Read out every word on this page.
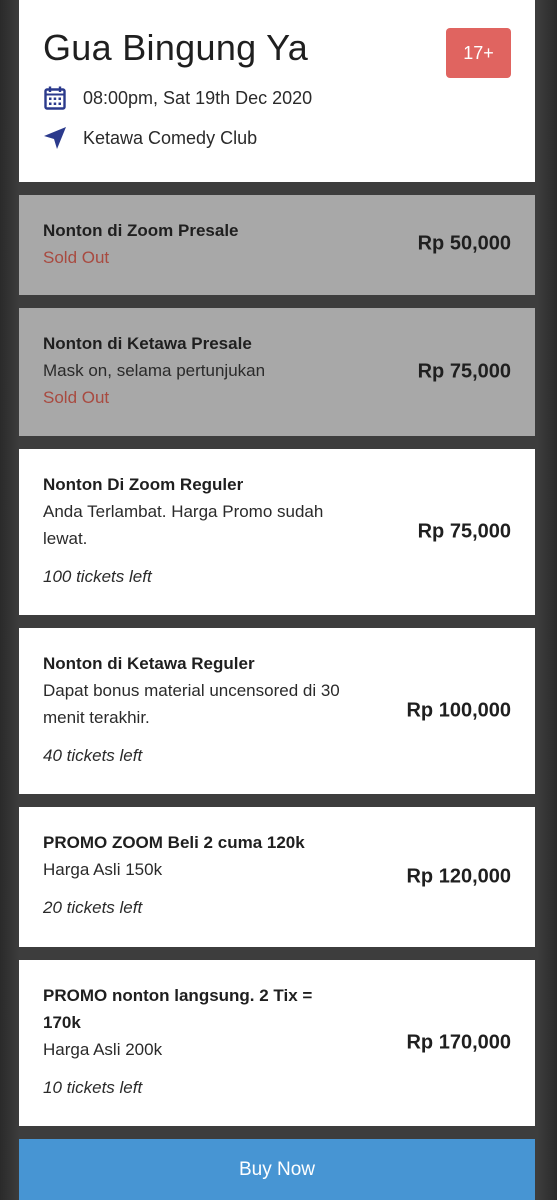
Gua Bingung Ya	17+
08:00pm, Sat 19th Dec 2020
Ketawa Comedy Club
Nonton di Zoom Presale
Sold Out
Rp 50,000
Nonton di Ketawa Presale
Mask on, selama pertunjukan
Sold Out
Rp 75,000
Nonton Di Zoom Reguler
Anda Terlambat. Harga Promo sudah lewat.
100 tickets left
Rp 75,000
Nonton di Ketawa Reguler
Dapat bonus material uncensored di 30 menit terakhir.
40 tickets left
Rp 100,000
PROMO ZOOM Beli 2 cuma 120k
Harga Asli 150k
20 tickets left
Rp 120,000
PROMO nonton langsung. 2 Tix = 170k
Harga Asli 200k
10 tickets left
Rp 170,000
Buy Now
